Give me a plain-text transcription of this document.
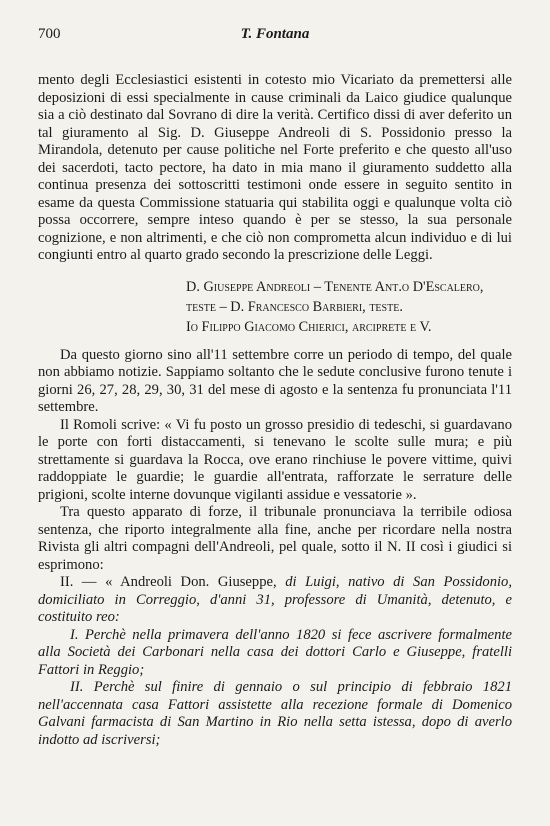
700	T. Fontana

mento degli Ecclesiastici esistenti in cotesto mio Vicariato da premettersi alle deposizioni di essi specialmente in cause criminali da Laico giudice qualunque sia a ciò destinato dal Sovrano di dire la verità. Certifico dissi di aver deferito un tal giuramento al Sig. D. Giuseppe Andreoli di S. Possidonio presso la Mirandola, detenuto per cause politiche nel Forte preferito e che questo all'uso dei sacerdoti, tacto pectore, ha dato in mia mano il giuramento suddetto alla continua presenza dei sottoscritti testimoni onde essere in seguito sentito in esame da questa Commissione statuaria qui stabilita oggi e qualunque volta ciò possa occorrere, sempre inteso quando è per se stesso, la sua personale cognizione, e non altrimenti, e che ciò non comprometta alcun individuo e di lui congiunti entro al quarto grado secondo la prescrizione delle Leggi.

D. Giuseppe Andreoli – Tenente Ant.o D'Escalero, teste – D. Francesco Barbieri, teste.
Io Filippo Giacomo Chierici, arciprete e V.

Da questo giorno sino all'11 settembre corre un periodo di tempo, del quale non abbiamo notizie. Sappiamo soltanto che le sedute conclusive furono tenute i giorni 26, 27, 28, 29, 30, 31 del mese di agosto e la sentenza fu pronunciata l'11 settembre.

Il Romoli scrive: « Vi fu posto un grosso presidio di tedeschi, si guardavano le porte con forti distaccamenti, si tenevano le scolte sulle mura; e più strettamente si guardava la Rocca, ove erano rinchiuse le povere vittime, quivi raddoppiate le guardie; le guardie all'entrata, rafforzate le serrature delle prigioni, scolte interne dovunque vigilanti assidue e vessatorie ».

Tra questo apparato di forze, il tribunale pronunciava la terribile odiosa sentenza, che riporto integralmente alla fine, anche per ricordare nella nostra Rivista gli altri compagni dell'Andreoli, pel quale, sotto il N. II così i giudici si esprimono:

II. — « Andreoli Don. Giuseppe, di Luigi, nativo di San Possidonio, domiciliato in Correggio, d'anni 31, professore di Umanità, detenuto, e costituito reo:

I. Perchè nella primavera dell'anno 1820 si fece ascrivere formalmente alla Società dei Carbonari nella casa dei dottori Carlo e Giuseppe, fratelli Fattori in Reggio;

II. Perchè sul finire di gennaio o sul principio di febbraio 1821 nell'accennata casa Fattori assistette alla recezione formale di Domenico Galvani farmacista di San Martino in Rio nella setta istessa, dopo di averlo indotto ad iscriversi;
